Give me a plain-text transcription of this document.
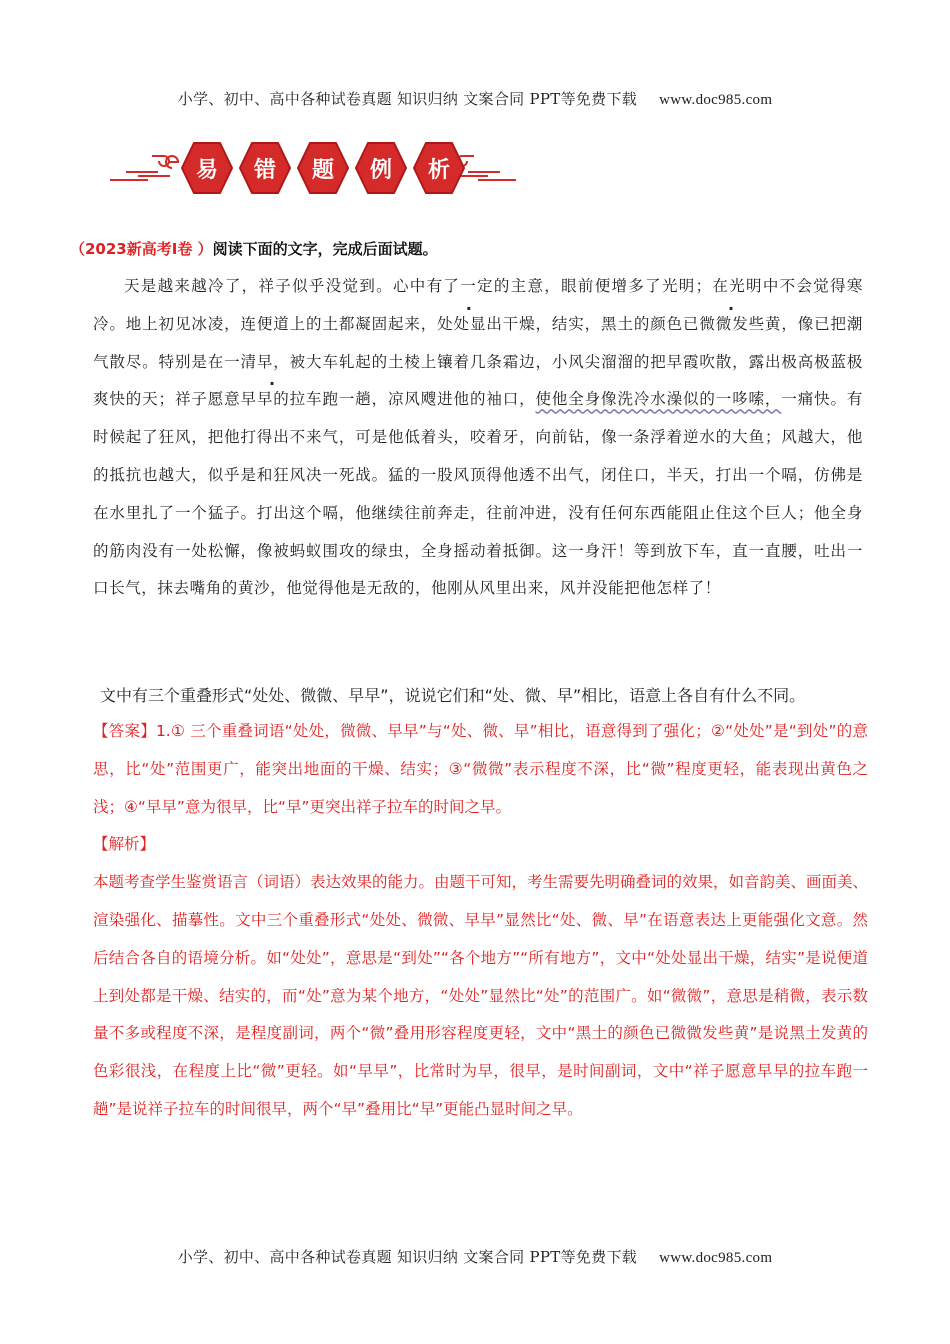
小学、初中、高中各种试卷真题 知识归纳 文案合同 PPT等免费下载 www.doc985.com
易 错 题 例 析
（2023新高考Ⅰ卷 ）阅读下面的文字，完成后面试题。

天是越来越冷了，祥子似乎没觉到。心中有了一定的主意，眼前便增多了光明；在光明中不会觉得寒冷。地上初见冰凌，连便道上的土都凝固起来，处处显出干燥，结实，黑土的颜色已微微发些黄，像已把潮气散尽。特别是在一清早，被大车轧起的土棱上镶着几条霜边，小风尖溜溜的把早霞吹散，露出极高极蓝极爽快的天；祥子愿意早早的拉车跑一趟，凉风飕进他的袖口，使他全身像洗冷水澡似的一哆嗦，一痛快。有时候起了狂风，把他打得出不来气，可是他低着头，咬着牙，向前钻，像一条浮着逆水的大鱼；风越大，他的抵抗也越大，似乎是和狂风决一死战。猛的一股风顶得他透不出气，闭住口，半天，打出一个嗝，仿佛是在水里扎了一个猛子。打出这个嗝，他继续往前奔走，往前冲进，没有任何东西能阻止住这个巨人；他全身的筋肉没有一处松懈，像被蚂蚁围攻的绿虫，全身摇动着抵御。这一身汗！等到放下车，直一直腰，吐出一口长气，抹去嘴角的黄沙，他觉得他是无敌的，他刚从风里出来，风并没能把他怎样了！

文中有三个重叠形式“处处、微微、早早”，说说它们和“处、微、早”相比，语意上各自有什么不同。

【答案】1.① 三个重叠词语“处处，微微、早早”与“处、微、早”相比，语意得到了强化；②“处处”是“到处”的意思，比“处”范围更广，能突出地面的干燥、结实；③“微微”表示程度不深，比“微”程度更轻，能表现出黄色之浅；④“早早”意为很早，比“早”更突出祥子拉车的时间之早。

【解析】

本题考查学生鉴赏语言（词语）表达效果的能力。由题干可知，考生需要先明确叠词的效果，如音韵美、画面美、渲染强化、描摹性。文中三个重叠形式“处处、微微、早早”显然比“处、微、早”在语意表达上更能强化文意。然后结合各自的语境分析。如“处处”，意思是“到处”“各个地方”“所有地方”，文中“处处显出干燥，结实”是说便道上到处都是干燥、结实的，而“处”意为某个地方，“处处”显然比“处”的范围广。如“微微”，意思是稍微，表示数量不多或程度不深，是程度副词，两个“微”叠用形容程度更轻，文中“黑土的颜色已微微发些黄”是说黑土发黄的色彩很浅，在程度上比“微”更轻。如“早早”，比常时为早，很早，是时间副词，文中“祥子愿意早早的拉车跑一趟”是说祥子拉车的时间很早，两个“早”叠用比“早”更能凸显时间之早。

小学、初中、高中各种试卷真题 知识归纳 文案合同 PPT等免费下载 www.doc985.com
